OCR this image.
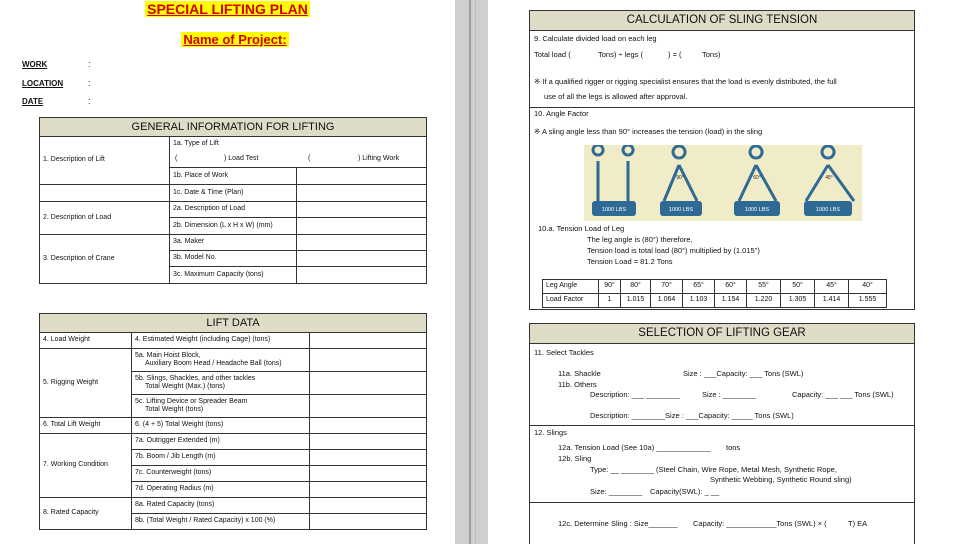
SPECIAL LIFTING PLAN
Name of Project:
WORK	:
LOCATION	:
DATE	:
GENERAL INFORMATION FOR LIFTING		
1. Description of Lift	1a. Type of Lift	

	( ) Load Test ( ) Lifting Work	

	1b. Place of Work	
	1c. Date & Time (Plan)	
2. Description of Load	2a. Description of Load	
	2b. Dimension (L x H x W) (mm)	
3. Description of Crane	3a. Maker	
	3b. Model No.	
	3c. Maximum Capacity (tons)	
LIFT DATA		
4. Load Weight	4. Estimated Weight (including Cage) (tons)	
5. Rigging Weight	5a. Main Hoist Block,
Auxiliary Boom Head / Headache Ball (tons)	

	5b. Slings, Shackles, and other tackles
Total Weight (Max.) (tons)	

	5c. Lifting Device or Spreader Beam
Total Weight (tons)	

6. Total Lift Weight	6. (4 + 5) Total Weight (tons)	
7. Working Condition	7a. Outrigger Extended (m)	
	7b. Boom / Jib Length (m)	
	7c. Counterweight (tons)	
	7d. Operating Radius (m)	
8. Rated Capacity	8a. Rated Capacity (tons)	
	8b. (Total Weight / Rated Capacity) x 100 (%)	
CALCULATION OF SLING TENSION
9. Calculate divided load on each leg
Total load (	Tons) ÷ legs (	) = (	Tons)
※ If a qualified rigger or rigging specialist ensures that the load is evenly distributed, the full
use of all the legs is allowed after approval.
10. Angle Factor
※ A sling angle less than 90° increases the tension (load) in the sling
1000 LBS	1000 LBS	1000 LBS	1000 LBS
90°	60°	45°
10.a. Tension Load of Leg
The leg angle is (80°) therefore,
Tension load is total load (80°) multiplied by (1.015")
Tension Load = 81.2 Tons
Leg Angle	90°	80°	70°	65°	60°	55°	50°	45°	40°
Load Factor	1	1.015	1.064	1.103	1.154	1.220	1.305	1.414	1.555
SELECTION OF LIFTING GEAR
11. Select Tackles
11a. Shackle	Size : ___Capacity: ___ Tons (SWL)
11b. Others
Description: ___ ________	Size : ________	Capacity: ___ ___ Tons (SWL)
Description: ________Size : ___Capacity: _____ Tons (SWL)
12. Slings
12a. Tension Load (See 10a) _____________ tons
12b. Sling
Type: __ ________ (Steel Chain, Wire Rope, Metal Mesh, Synthetic Rope,
Synthetic Webbing, Synthetic Round sling)
Size: ________ Capacity(SWL): _ __
12c. Determine Sling : Size_______ Capacity: ____________Tons (SWL) × (	T) EA
